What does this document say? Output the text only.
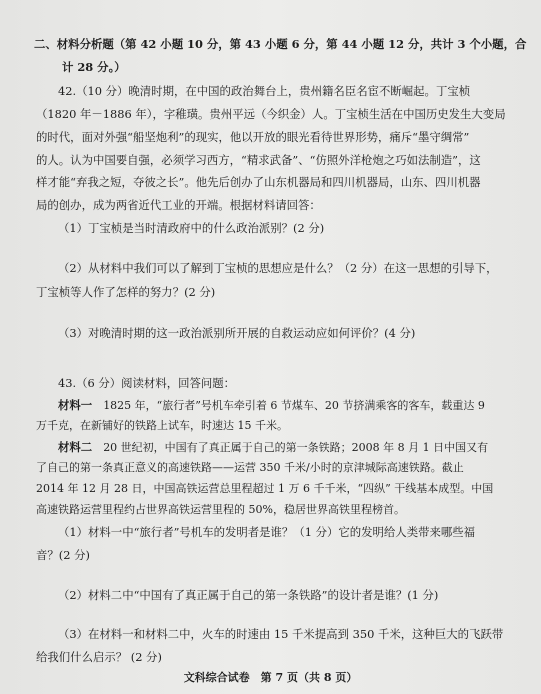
二、材料分析题（第 42 小题 10 分，第 43 小题 6 分，第 44 小题 12 分，共计 3 个小题，合
计 28 分。）
42.（10 分）晚清时期，在中国的政治舞台上，贵州籍名臣名宦不断崛起。丁宝桢
（1820 年－1886 年），字稚璜。贵州平远（今织金）人。丁宝桢生活在中国历史发生大变局
的时代，面对外强“船坚炮利”的现实，他以开放的眼光看待世界形势，痛斥“墨守绸常”
的人。认为中国要自强，必须学习西方，“精求武备”、“仿照外洋枪炮之巧如法制造”，这
样才能“弃我之短，夺彼之长”。他先后创办了山东机器局和四川机器局，山东、四川机器
局的创办，成为两省近代工业的开端。根据材料请回答：
（1）丁宝桢是当时清政府中的什么政治派别？(2 分)
（2）从材料中我们可以了解到丁宝桢的思想应是什么？（2 分）在这一思想的引导下，
丁宝桢等人作了怎样的努力？(2 分)
（3）对晚清时期的这一政治派别所开展的自救运动应如何评价？(4 分)
43.（6 分）阅读材料，回答问题：
材料一 1825 年，“旅行者”号机车牵引着 6 节煤车、20 节挤满乘客的客车，载重达 9
万千克，在新铺好的铁路上试车，时速达 15 千米。
材料二 20 世纪初，中国有了真正属于自己的第一条铁路；2008 年 8 月 1 日中国又有
了自己的第一条真正意义的高速铁路——运营 350 千米/小时的京津城际高速铁路。截止
2014 年 12 月 28 日，中国高铁运营总里程超过 1 万 6 千千米，“四纵” 干线基本成型。中国
高速铁路运营里程约占世界高铁运营里程的 50%，稳居世界高铁里程榜首。
（1）材料一中“旅行者”号机车的发明者是谁？（1 分）它的发明给人类带来哪些福
音？(2 分)
（2）材料二中“中国有了真正属于自己的第一条铁路”的设计者是谁？(1 分)
（3）在材料一和材料二中，火车的时速由 15 千米提高到 350 千米，这种巨大的飞跃带
给我们什么启示？ (2 分)
文科综合试卷　第 7 页（共 8 页）
